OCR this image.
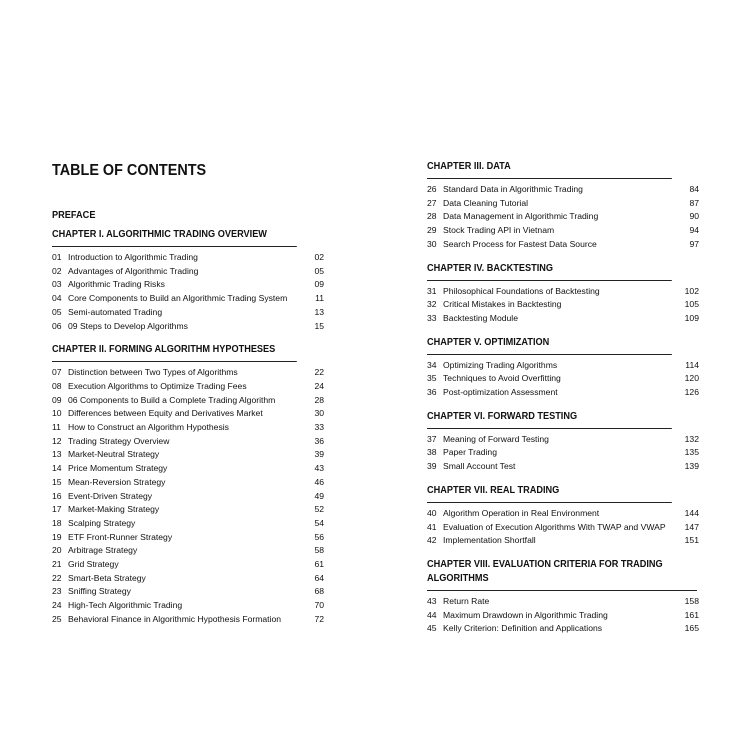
TABLE OF CONTENTS
PREFACE
CHAPTER I. ALGORITHMIC TRADING OVERVIEW
01 Introduction to Algorithmic Trading	02
02 Advantages of Algorithmic Trading	05
03 Algorithmic Trading Risks	09
04 Core Components to Build an Algorithmic Trading System	11
05 Semi-automated Trading	13
06 09 Steps to Develop Algorithms	15
CHAPTER II. FORMING ALGORITHM HYPOTHESES
07 Distinction between Two Types of Algorithms	22
08 Execution Algorithms to Optimize Trading Fees	24
09 06 Components to Build a Complete Trading Algorithm	28
10 Differences between Equity and Derivatives Market	30
11 How to Construct an Algorithm Hypothesis	33
12 Trading Strategy Overview	36
13 Market-Neutral Strategy	39
14 Price Momentum Strategy	43
15 Mean-Reversion Strategy	46
16 Event-Driven Strategy	49
17 Market-Making Strategy	52
18 Scalping Strategy	54
19 ETF Front-Runner Strategy	56
20 Arbitrage Strategy	58
21 Grid Strategy	61
22 Smart-Beta Strategy	64
23 Sniffing Strategy	68
24 High-Tech Algorithmic Trading	70
25 Behavioral Finance in Algorithmic Hypothesis Formation	72
CHAPTER III. DATA
26 Standard Data in Algorithmic Trading	84
27 Data Cleaning Tutorial	87
28 Data Management in Algorithmic Trading	90
29 Stock Trading API in Vietnam	94
30 Search Process for Fastest Data Source	97
CHAPTER IV. BACKTESTING
31 Philosophical Foundations of Backtesting	102
32 Critical Mistakes in Backtesting	105
33 Backtesting Module	109
CHAPTER V. OPTIMIZATION
34 Optimizing Trading Algorithms	114
35 Techniques to Avoid Overfitting	120
36 Post-optimization Assessment	126
CHAPTER VI. FORWARD TESTING
37 Meaning of Forward Testing	132
38 Paper Trading	135
39 Small Account Test	139
CHAPTER VII. REAL TRADING
40 Algorithm Operation in Real Environment	144
41 Evaluation of Execution Algorithms With TWAP and VWAP	147
42 Implementation Shortfall	151
CHAPTER VIII. EVALUATION CRITERIA FOR TRADING ALGORITHMS
43 Return Rate	158
44 Maximum Drawdown in Algorithmic Trading	161
45 Kelly Criterion: Definition and Applications	165
